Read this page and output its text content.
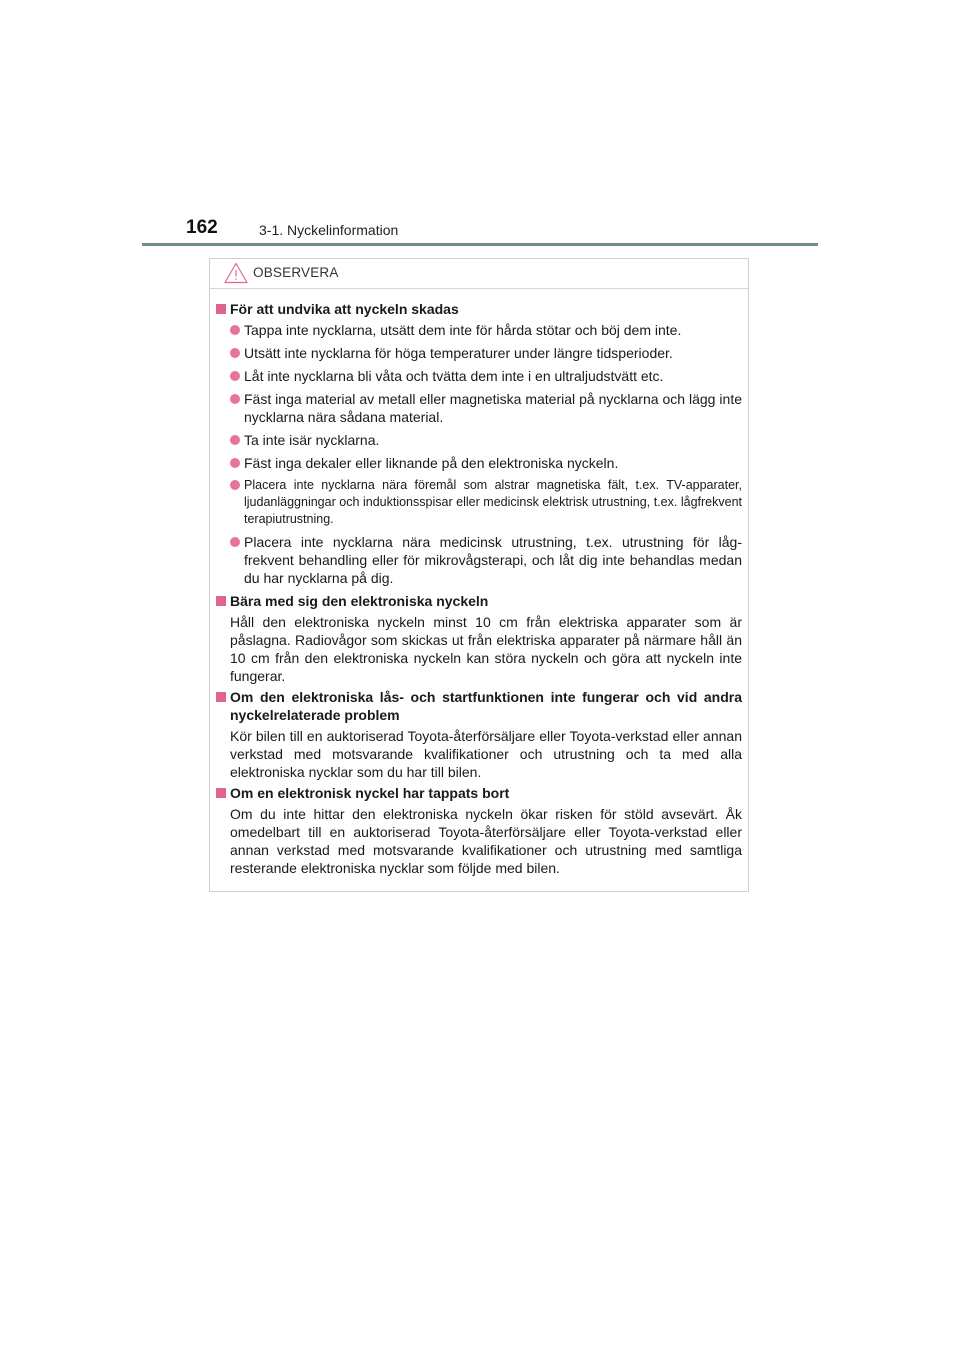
162	3-1. Nyckelinformation
OBSERVERA
För att undvika att nyckeln skadas
Tappa inte nycklarna, utsätt dem inte för hårda stötar och böj dem inte.
Utsätt inte nycklarna för höga temperaturer under längre tidsperioder.
Låt inte nycklarna bli våta och tvätta dem inte i en ultraljudstvätt etc.
Fäst inga material av metall eller magnetiska material på nycklarna och lägg inte nycklarna nära sådana material.
Ta inte isär nycklarna.
Fäst inga dekaler eller liknande på den elektroniska nyckeln.
Placera inte nycklarna nära föremål som alstrar magnetiska fält, t.ex. TV-apparater, ljudanläggningar och induktionsspisar eller medicinsk elektrisk utrustning, t.ex. lågfrekvent terapiutrustning.
Placera inte nycklarna nära medicinsk utrustning, t.ex. utrustning för låg-frekvent behandling eller för mikrovågsterapi, och låt dig inte behandlas medan du har nycklarna på dig.
Bära med sig den elektroniska nyckeln
Håll den elektroniska nyckeln minst 10 cm från elektriska apparater som är påslagna. Radiovågor som skickas ut från elektriska apparater på närmare håll än 10 cm från den elektroniska nyckeln kan störa nyckeln och göra att nyckeln inte fungerar.
Om den elektroniska lås- och startfunktionen inte fungerar och vid andra nyckelrelaterade problem
Kör bilen till en auktoriserad Toyota-återförsäljare eller Toyota-verkstad eller annan verkstad med motsvarande kvalifikationer och utrustning och ta med alla elektroniska nycklar som du har till bilen.
Om en elektronisk nyckel har tappats bort
Om du inte hittar den elektroniska nyckeln ökar risken för stöld avsevärt. Åk omedelbart till en auktoriserad Toyota-återförsäljare eller Toyota-verkstad eller annan verkstad med motsvarande kvalifikationer och utrustning med samtliga resterande elektroniska nycklar som följde med bilen.
